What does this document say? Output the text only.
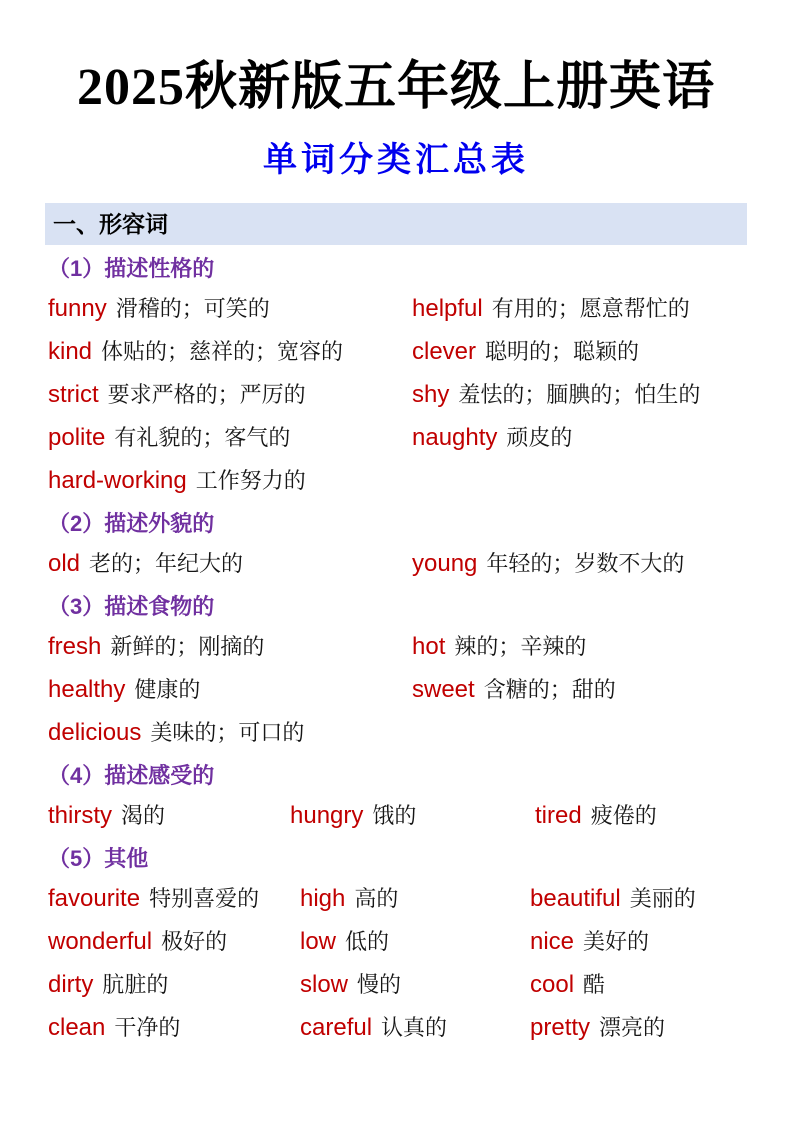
2025秋新版五年级上册英语
单词分类汇总表
一、形容词
（1）描述性格的
funny 滑稽的；可笑的	helpful 有用的；愿意帮忙的
kind 体贴的；慈祥的；宽容的	clever 聪明的；聪颖的
strict 要求严格的；严厉的	shy 羞怯的；腼腆的；怕生的
polite 有礼貌的；客气的	naughty 顽皮的
hard-working 工作努力的
（2）描述外貌的
old 老的；年纪大的	young 年轻的；岁数不大的
（3）描述食物的
fresh 新鲜的；刚摘的	hot 辣的；辛辣的
healthy 健康的	sweet 含糖的；甜的
delicious 美味的；可口的
（4）描述感受的
thirsty 渴的	hungry 饿的	tired 疲倦的
（5）其他
favourite 特别喜爱的	high 高的	beautiful 美丽的
wonderful 极好的	low 低的	nice 美好的
dirty 肮脏的	slow 慢的	cool 酷
clean 干净的	careful 认真的	pretty 漂亮的
